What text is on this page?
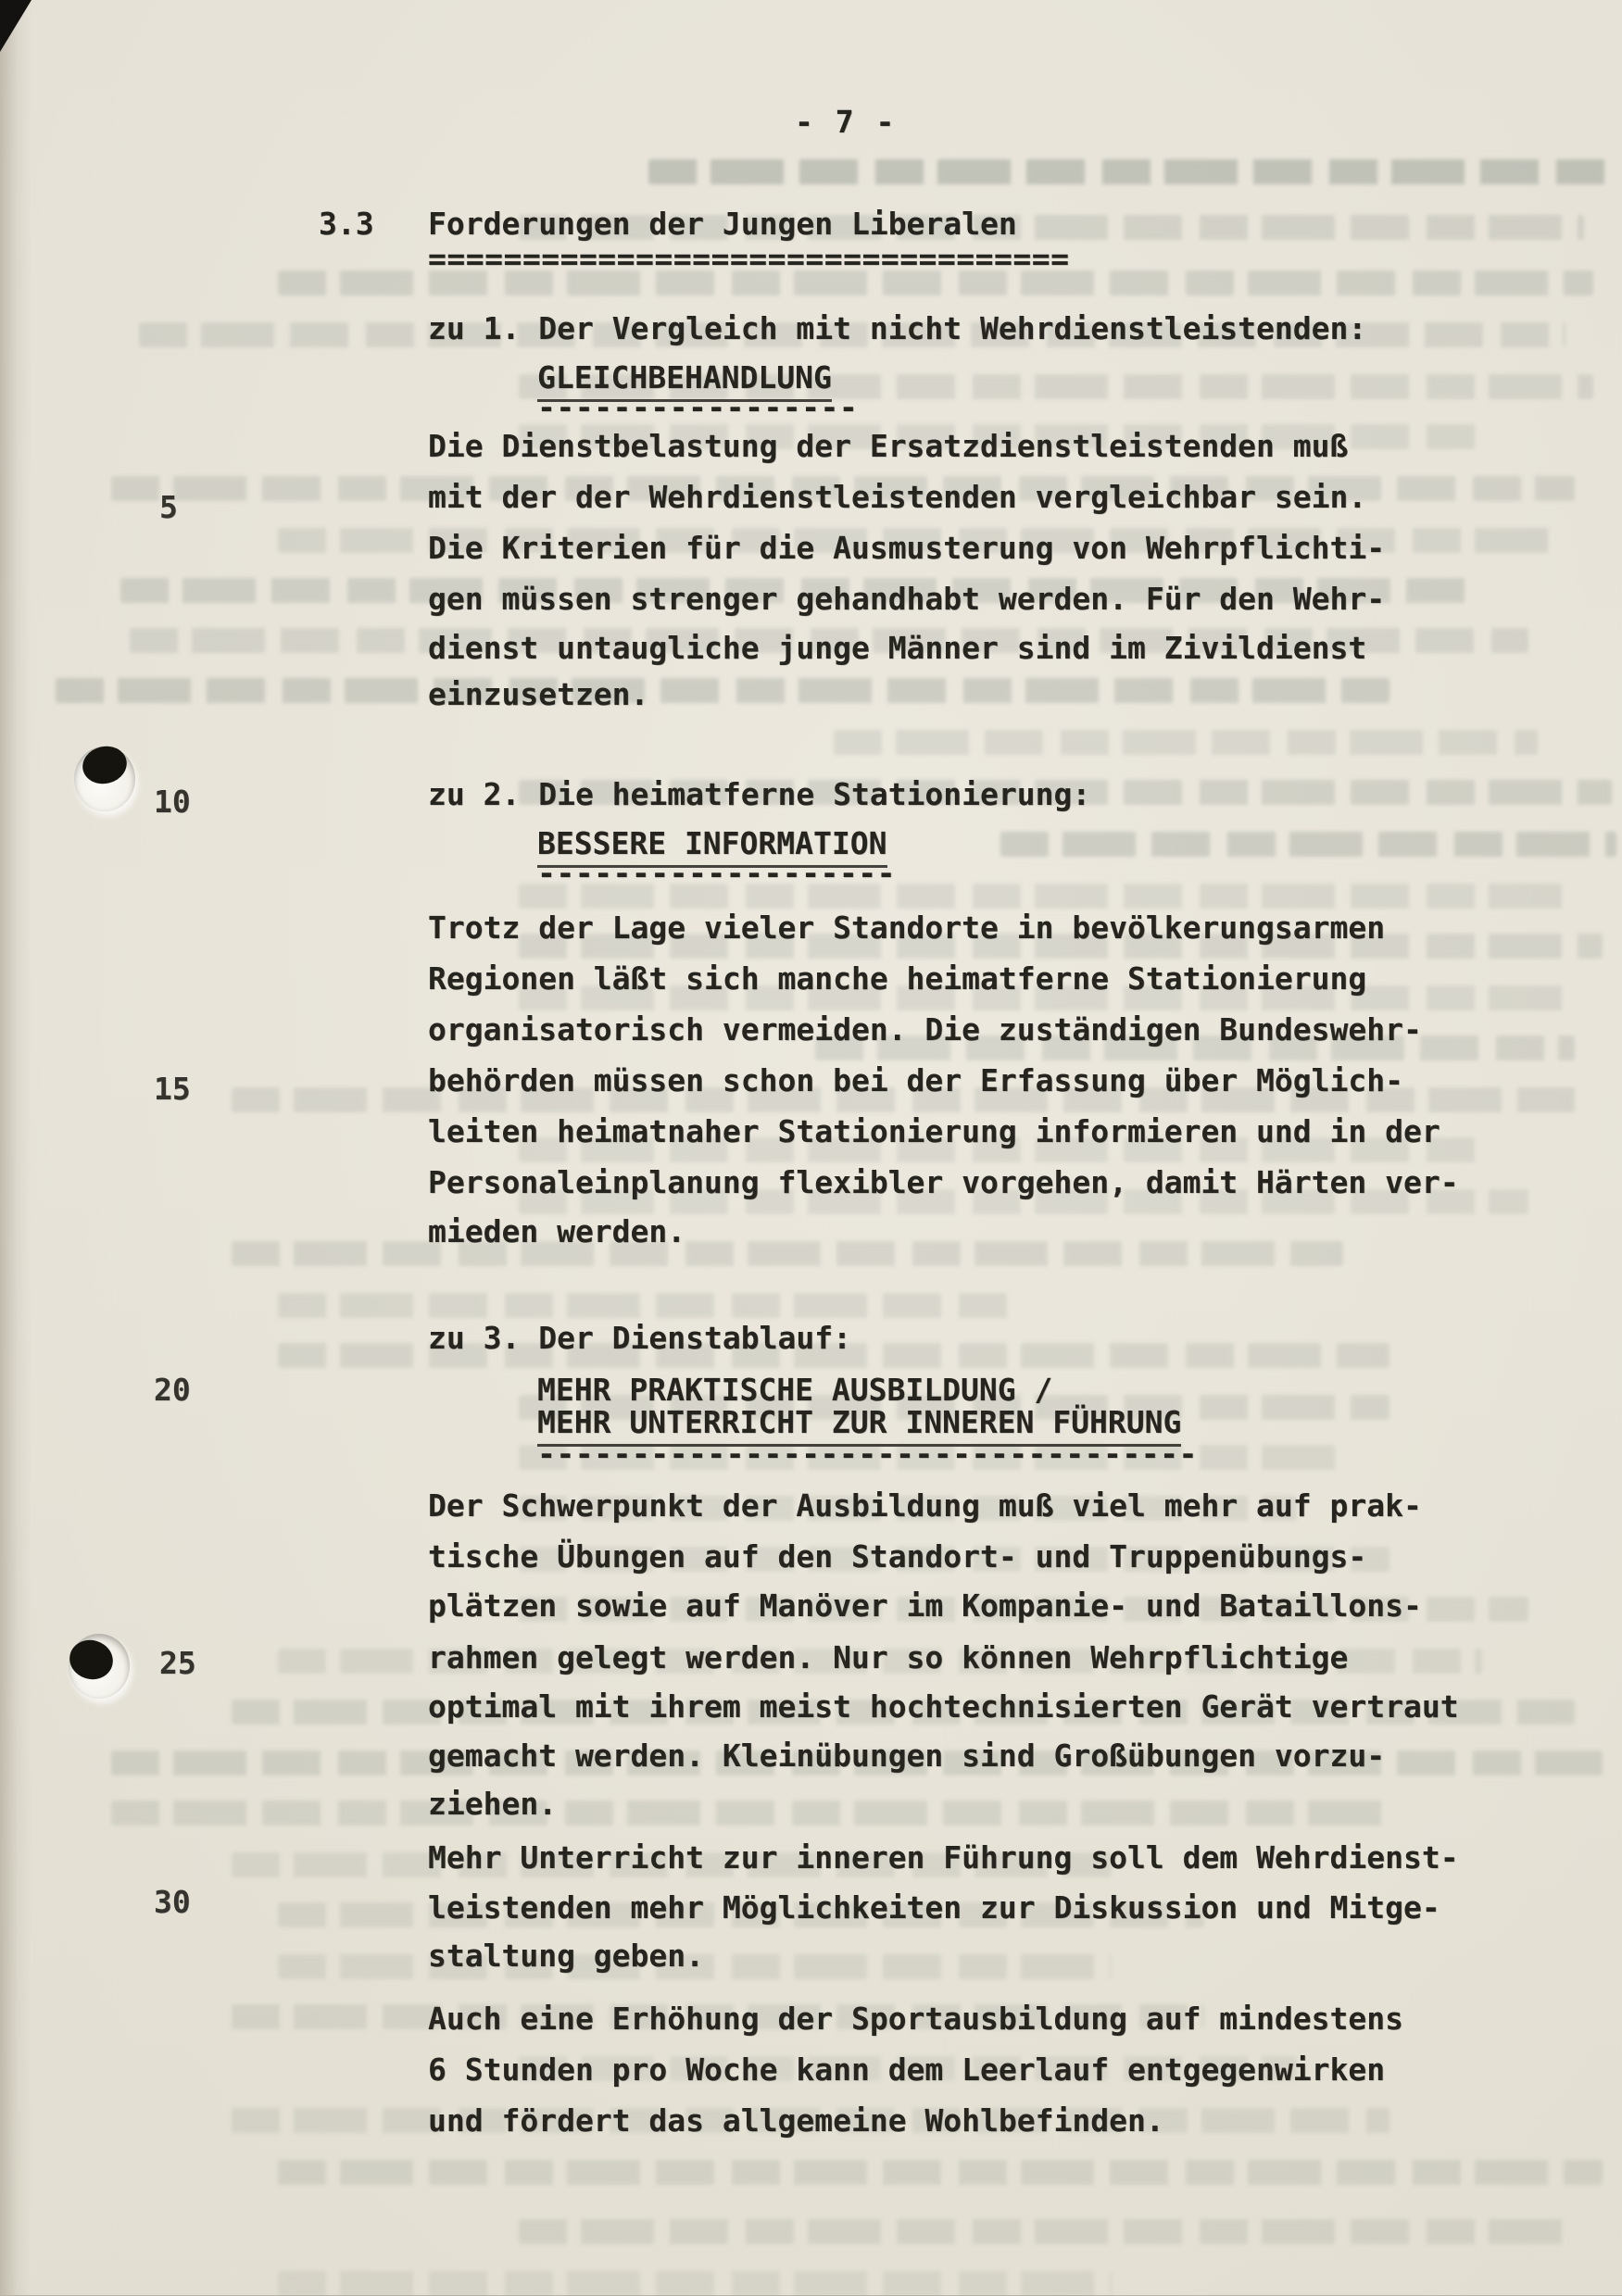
- 7 -
3.3 Forderungen der Jungen Liberalen
==================================
zu 1. Der Vergleich mit nicht Wehrdienstleistenden:
GLEICHBEHANDLUNG
-----------------
Die Dienstbelastung der Ersatzdienstleistenden muß
mit der der Wehrdienstleistenden vergleichbar sein.
Die Kriterien für die Ausmusterung von Wehrpflichti-
gen müssen strenger gehandhabt werden. Für den Wehr-
dienst untaugliche junge Männer sind im Zivildienst
einzusetzen.
zu 2. Die heimatferne Stationierung:
BESSERE INFORMATION
-------------------
Trotz der Lage vieler Standorte in bevölkerungsarmen
Regionen läßt sich manche heimatferne Stationierung
organisatorisch vermeiden. Die zuständigen Bundeswehr-
behörden müssen schon bei der Erfassung über Möglich-
leiten heimatnaher Stationierung informieren und in der
Personaleinplanung flexibler vorgehen, damit Härten ver-
mieden werden.
zu 3. Der Dienstablauf:
MEHR PRAKTISCHE AUSBILDUNG /
MEHR UNTERRICHT ZUR INNEREN FÜHRUNG
-----------------------------------
Der Schwerpunkt der Ausbildung muß viel mehr auf prak-
tische Übungen auf den Standort- und Truppenübungs-
plätzen sowie auf Manöver im Kompanie- und Bataillons-
rahmen gelegt werden. Nur so können Wehrpflichtige
optimal mit ihrem meist hochtechnisierten Gerät vertraut
gemacht werden. Kleinübungen sind Großübungen vorzu-
ziehen.
Mehr Unterricht zur inneren Führung soll dem Wehrdienst-
leistenden mehr Möglichkeiten zur Diskussion und Mitge-
staltung geben.
Auch eine Erhöhung der Sportausbildung auf mindestens
6 Stunden pro Woche kann dem Leerlauf entgegenwirken
und fördert das allgemeine Wohlbefinden.
5
10
15
20
25
30
